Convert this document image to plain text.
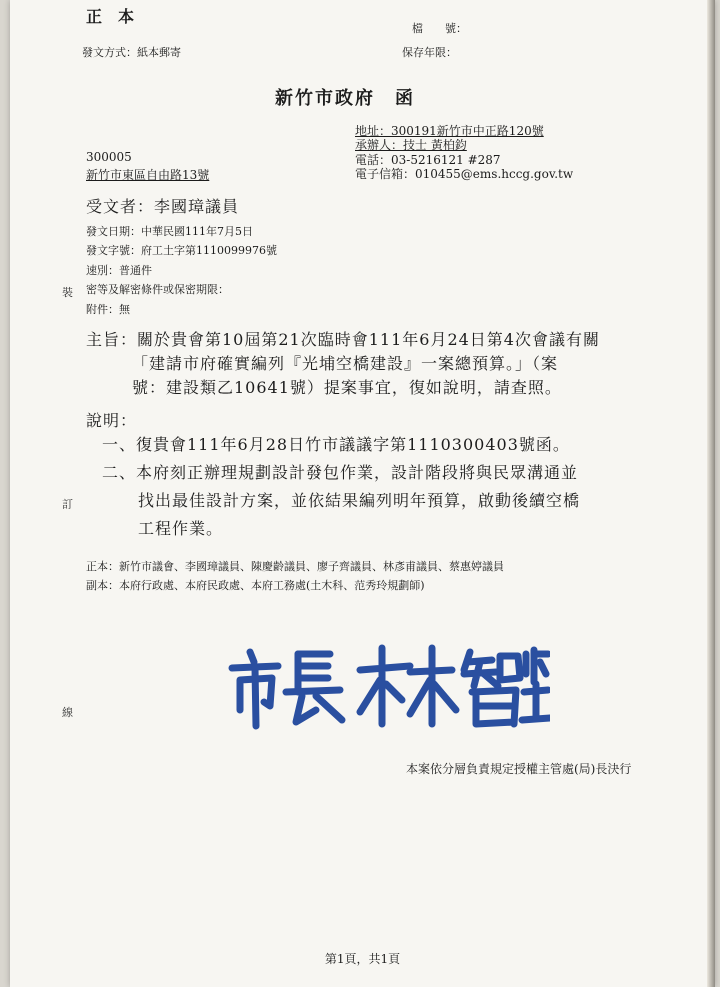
正　本
發文方式：紙本郵寄
檔　　號：
保存年限：
新竹市政府　函
地址：300191新竹市中正路120號
承辦人：技士 黃柏鈞
電話：03-5216121 #287
電子信箱：010455@ems.hccg.gov.tw
300005
新竹市東區自由路13號
受文者：李國璋議員
發文日期：中華民國111年7月5日
發文字號：府工土字第1110099976號
速別：普通件
密等及解密條件或保密期限：
附件：無
主旨：關於貴會第10屆第21次臨時會111年6月24日第4次會議有關
「建請市府確實編列『光埔空橋建設』一案總預算。」（案
號：建設類乙10641號）提案事宜，復如說明，請查照。
說明：
一、復貴會111年6月28日竹市議議字第1110300403號函。
二、本府刻正辦理規劃設計發包作業，設計階段將與民眾溝通並
找出最佳設計方案，並依結果編列明年預算，啟動後續空橋
工程作業。
正本：新竹市議會、李國璋議員、陳慶齡議員、廖子齊議員、林彥甫議員、蔡惠婷議員
副本：本府行政處、本府民政處、本府工務處(土木科、范秀玲規劃師)
本案依分層負責規定授權主管處(局)長決行
裝
訂
線
第1頁，共1頁
